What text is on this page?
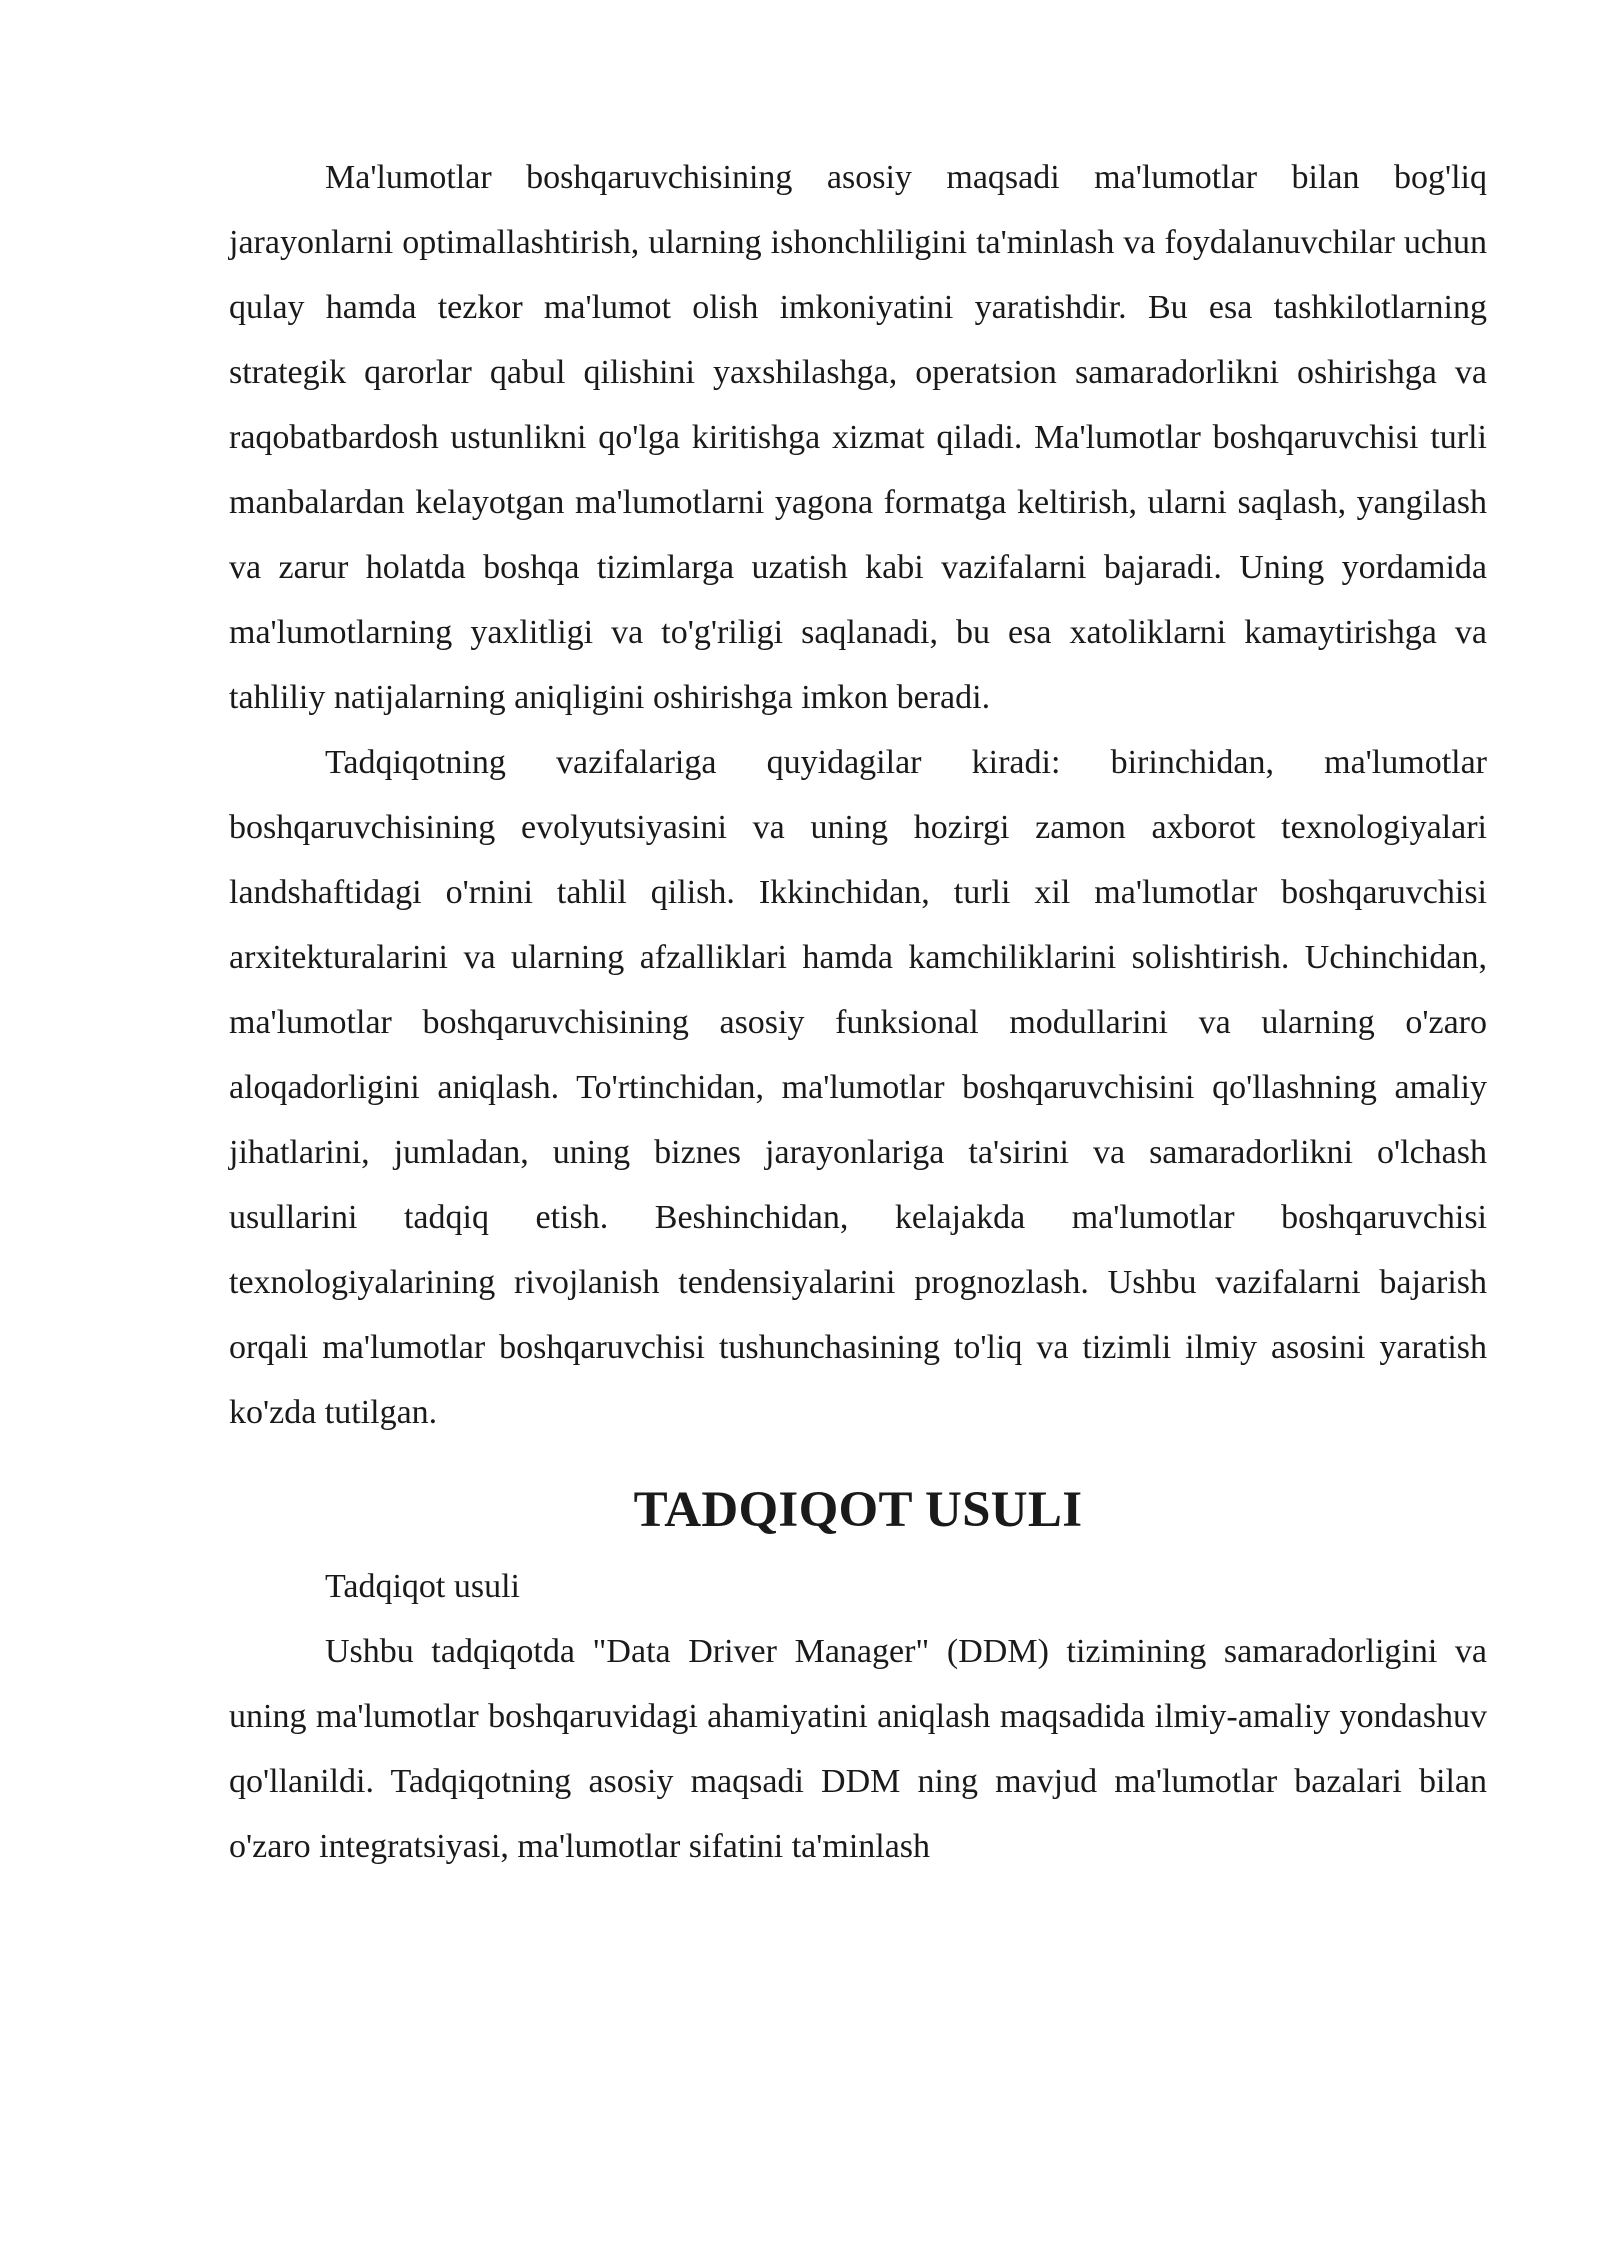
Ma'lumotlar boshqaruvchisining asosiy maqsadi ma'lumotlar bilan bog'liq jarayonlarni optimallashtirish, ularning ishonchliligini ta'minlash va foydalanuvchilar uchun qulay hamda tezkor ma'lumot olish imkoniyatini yaratishdir. Bu esa tashkilotlarning strategik qarorlar qabul qilishini yaxshilashga, operatsion samaradorlikni oshirishga va raqobatbardosh ustunlikni qo'lga kiritishga xizmat qiladi. Ma'lumotlar boshqaruvchisi turli manbalardan kelayotgan ma'lumotlarni yagona formatga keltirish, ularni saqlash, yangilash va zarur holatda boshqa tizimlarga uzatish kabi vazifalarni bajaradi. Uning yordamida ma'lumotlarning yaxlitligi va to'g'riligi saqlanadi, bu esa xatoliklarni kamaytirishga va tahliliy natijalarning aniqligini oshirishga imkon beradi.

Tadqiqotning vazifalariga quyidagilar kiradi: birinchidan, ma'lumotlar boshqaruvchisining evolyutsiyasini va uning hozirgi zamon axborot texnologiyalari landshaftidagi o'rnini tahlil qilish. Ikkinchidan, turli xil ma'lumotlar boshqaruvchisi arxitekturalarini va ularning afzalliklari hamda kamchiliklarini solishtirish. Uchinchidan, ma'lumotlar boshqaruvchisining asosiy funksional modullarini va ularning o'zaro aloqadorligini aniqlash. To'rtinchidan, ma'lumotlar boshqaruvchisini qo'llashning amaliy jihatlarini, jumladan, uning biznes jarayonlariga ta'sirini va samaradorlikni o'lchash usullarini tadqiq etish. Beshinchidan, kelajakda ma'lumotlar boshqaruvchisi texnologiyalarining rivojlanish tendensiyalarini prognozlash. Ushbu vazifalarni bajarish orqali ma'lumotlar boshqaruvchisi tushunchasining to'liq va tizimli ilmiy asosini yaratish ko'zda tutilgan.

TADQIQOT USULI

Tadqiqot usuli

Ushbu tadqiqotda "Data Driver Manager" (DDM) tizimining samaradorligini va uning ma'lumotlar boshqaruvidagi ahamiyatini aniqlash maqsadida ilmiy-amaliy yondashuv qo'llanildi. Tadqiqotning asosiy maqsadi DDM ning mavjud ma'lumotlar bazalari bilan o'zaro integratsiyasi, ma'lumotlar sifatini ta'minlash
